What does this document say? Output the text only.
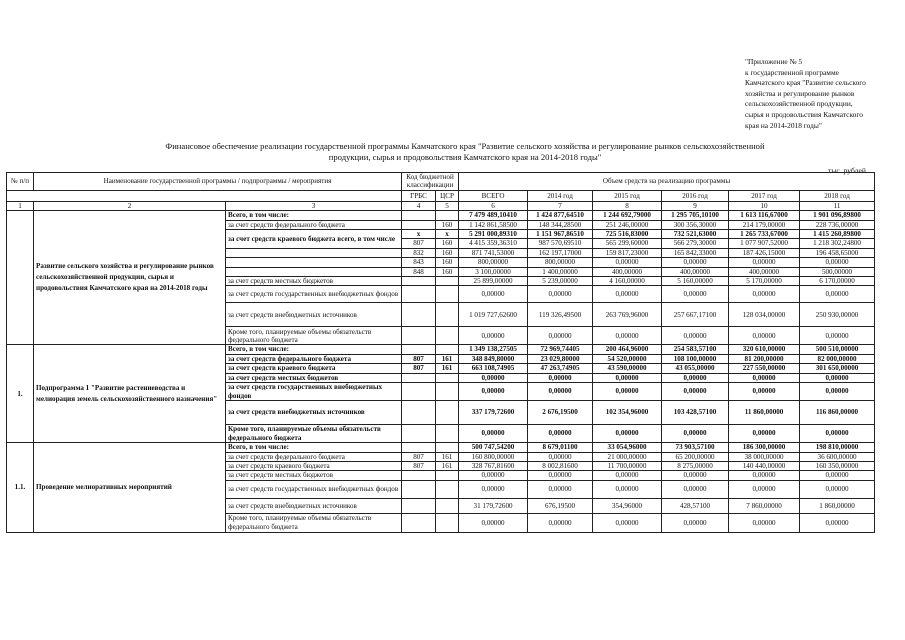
"Приложение № 5
к государственной программе
Камчатского края "Развитие сельского
хозяйства и регулирование рынков
сельскохозяйственной продукции,
сырья и продовольствия Камчатского
края на 2014-2018 годы"
Финансовое обеспечение реализации государственной программы Камчатского края "Развитие сельского хозяйства и регулирование рынков сельскохозяйственной
продукции, сырья и продовольствия Камчатского края на 2014-2018 годы"
тыс. рублей
№ п/п	Наименование государственной программы / подпрограммы / мероприятия		Код бюджетной классификации		Объем средств на реализацию программы					

			ГРБС	ЦСР	ВСЕГО	2014 год	2015 год	2016 год	2017 год	2018 год
1	2	3	4	5	6	7	8	9	10	11
	Развитие сельского хозяйства и регулирование рынков сельскохозяйственной продукции, сырья и продовольствия Камчатского края на 2014-2018 годы	Всего, в том числе:			7 479 489,10410	1 424 877,64510	1 244 692,79000	1 295 705,10100	1 613 116,67000	1 901 096,89800
		за счет средств федерального бюджета		160	1 142 861,58500	148 344,28500	251 246,00000	300 356,30000	214 179,00000	228 736,00000
		за счет средств краевого бюджета всего, в том числе	х	х	5 291 000,89310	1 151 967,86510	725 516,83000	732 521,63000	1 265 733,67000	1 415 260,89800
			807	160	4 415 359,36310	987 570,69510	565 299,60000	566 279,30000	1 077 907,52000	1 218 302,24800
			832	160	871 741,53000	162 197,17000	159 817,23000	165 842,33000	187 426,15000	196 458,65000
			843	160	800,00000	800,00000	0,00000	0,00000	0,00000	0,00000
			848	160	3 100,00000	1 400,00000	400,00000	400,00000	400,00000	500,00000
		за счет средств местных бюджетов			25 899,00000	5 239,00000	4 160,00000	5 160,00000	5 170,00000	6 170,00000
		за счет средств государственных внебюджетных фондов			0,00000	0,00000	0,00000	0,00000	0,00000	0,00000
		за счет средств внебюджетных источников			1 019 727,62600	119 326,49500	263 769,96000	257 667,17100	128 034,00000	250 930,00000
		Кроме того, планируемые объемы обязательств федерального бюджета			0,00000	0,00000	0,00000	0,00000	0,00000	0,00000
1.	Подпрограмма 1 "Развитие растениеводства и мелиорация земель сельскохозяйственного назначения"	Всего, в том числе:			1 349 138,27505	72 969,74405	200 464,96000	254 583,57100	320 610,00000	500 510,00000
		за счет средств федерального бюджета	807	161	348 849,80000	23 029,80000	54 520,00000	108 100,00000	81 200,00000	82 000,00000
		за счет средств краевого бюджета	807	161	663 108,74905	47 263,74905	43 590,00000	43 055,00000	227 550,00000	301 650,00000
		за счет средств местных бюджетов			0,00000	0,00000	0,00000	0,00000	0,00000	0,00000
		за счет средств государственных внебюджетных фондов			0,00000	0,00000	0,00000	0,00000	0,00000	0,00000
		за счет средств внебюджетных источников			337 179,72600	2 676,19500	102 354,96000	103 428,57100	11 860,00000	116 860,00000
		Кроме того, планируемые объемы обязательств федерального бюджета			0,00000	0,00000	0,00000	0,00000	0,00000	0,00000
1.1.	Проведение мелиоративных мероприятий	Всего, в том числе:			500 747,54200	8 679,01100	33 054,96000	73 903,57100	186 300,00000	198 810,00000
		за счет средств федерального бюджета	807	161	160 800,00000	0,00000	21 000,00000	65 200,00000	38 000,00000	36 600,00000
		за счет средств краевого бюджета	807	161	328 767,81600	8 002,81600	11 700,00000	8 275,00000	140 440,00000	160 350,00000
		за счет средств местных бюджетов			0,00000	0,00000	0,00000	0,00000	0,00000	0,00000
		за счет средств государственных внебюджетных фондов			0,00000	0,00000	0,00000	0,00000	0,00000	0,00000
		за счет средств внебюджетных источников			31 179,72600	676,19500	354,96000	428,57100	7 860,00000	1 860,00000
		Кроме того, планируемые объемы обязательств федерального бюджета			0,00000	0,00000	0,00000	0,00000	0,00000	0,00000
